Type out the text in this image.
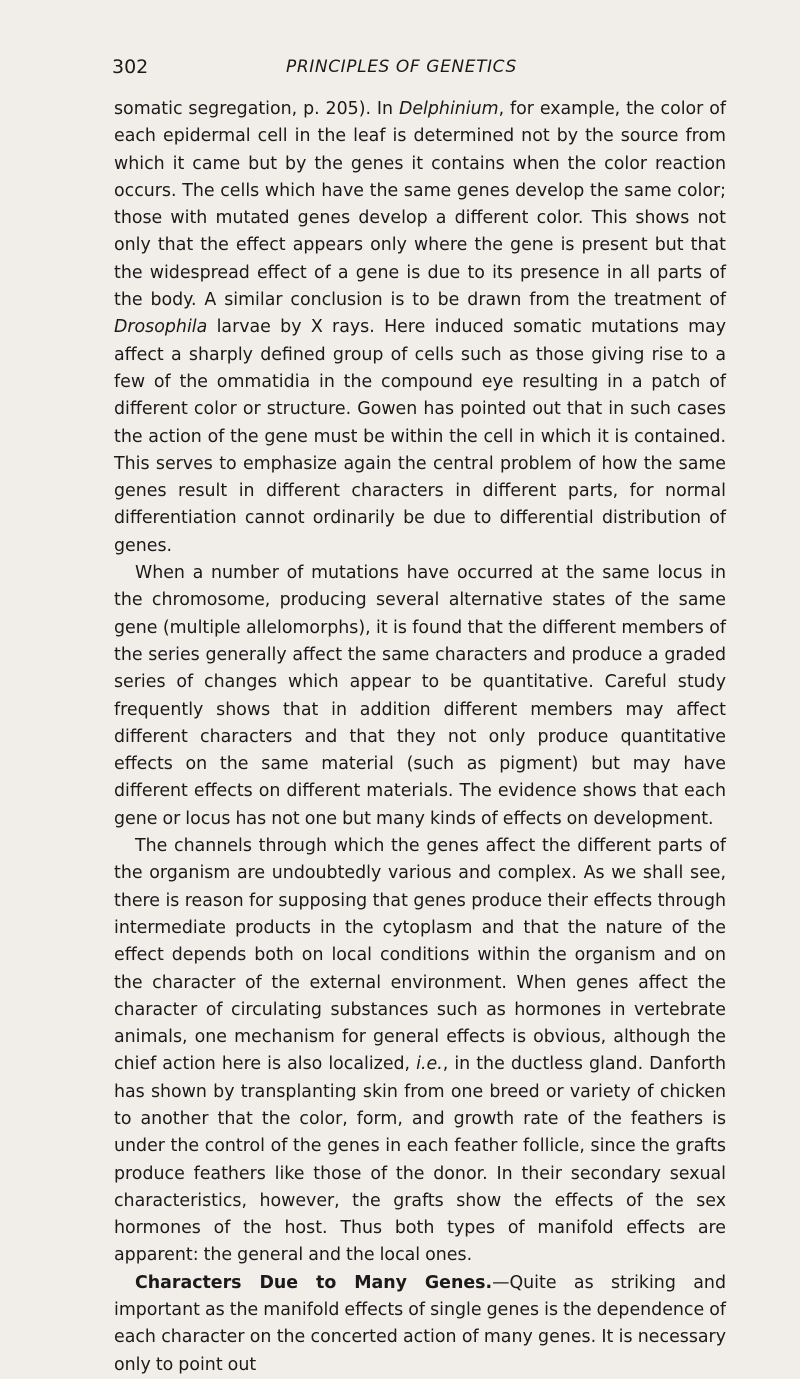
302	PRINCIPLES OF GENETICS

somatic segregation, p. 205). In Delphinium, for example, the color of each epidermal cell in the leaf is determined not by the source from which it came but by the genes it contains when the color reaction occurs. The cells which have the same genes develop the same color; those with mutated genes develop a different color. This shows not only that the effect appears only where the gene is present but that the widespread effect of a gene is due to its presence in all parts of the body. A similar conclusion is to be drawn from the treatment of Drosophila larvae by X rays. Here induced somatic mutations may affect a sharply defined group of cells such as those giving rise to a few of the ommatidia in the compound eye resulting in a patch of different color or structure. Gowen has pointed out that in such cases the action of the gene must be within the cell in which it is contained. This serves to emphasize again the central problem of how the same genes result in different characters in different parts, for normal differentiation cannot ordinarily be due to differential distribution of genes.

When a number of mutations have occurred at the same locus in the chromosome, producing several alternative states of the same gene (multiple allelomorphs), it is found that the different members of the series generally affect the same characters and produce a graded series of changes which appear to be quantitative. Careful study frequently shows that in addition different members may affect different characters and that they not only produce quantitative effects on the same material (such as pigment) but may have different effects on different materials. The evidence shows that each gene or locus has not one but many kinds of effects on development.

The channels through which the genes affect the different parts of the organism are undoubtedly various and complex. As we shall see, there is reason for supposing that genes produce their effects through intermediate products in the cytoplasm and that the nature of the effect depends both on local conditions within the organism and on the character of the external environment. When genes affect the character of circulating substances such as hormones in vertebrate animals, one mechanism for general effects is obvious, although the chief action here is also localized, i.e., in the ductless gland. Danforth has shown by transplanting skin from one breed or variety of chicken to another that the color, form, and growth rate of the feathers is under the control of the genes in each feather follicle, since the grafts produce feathers like those of the donor. In their secondary sexual characteristics, however, the grafts show the effects of the sex hormones of the host. Thus both types of manifold effects are apparent: the general and the local ones.

Characters Due to Many Genes.—Quite as striking and important as the manifold effects of single genes is the dependence of each character on the concerted action of many genes. It is necessary only to point out
